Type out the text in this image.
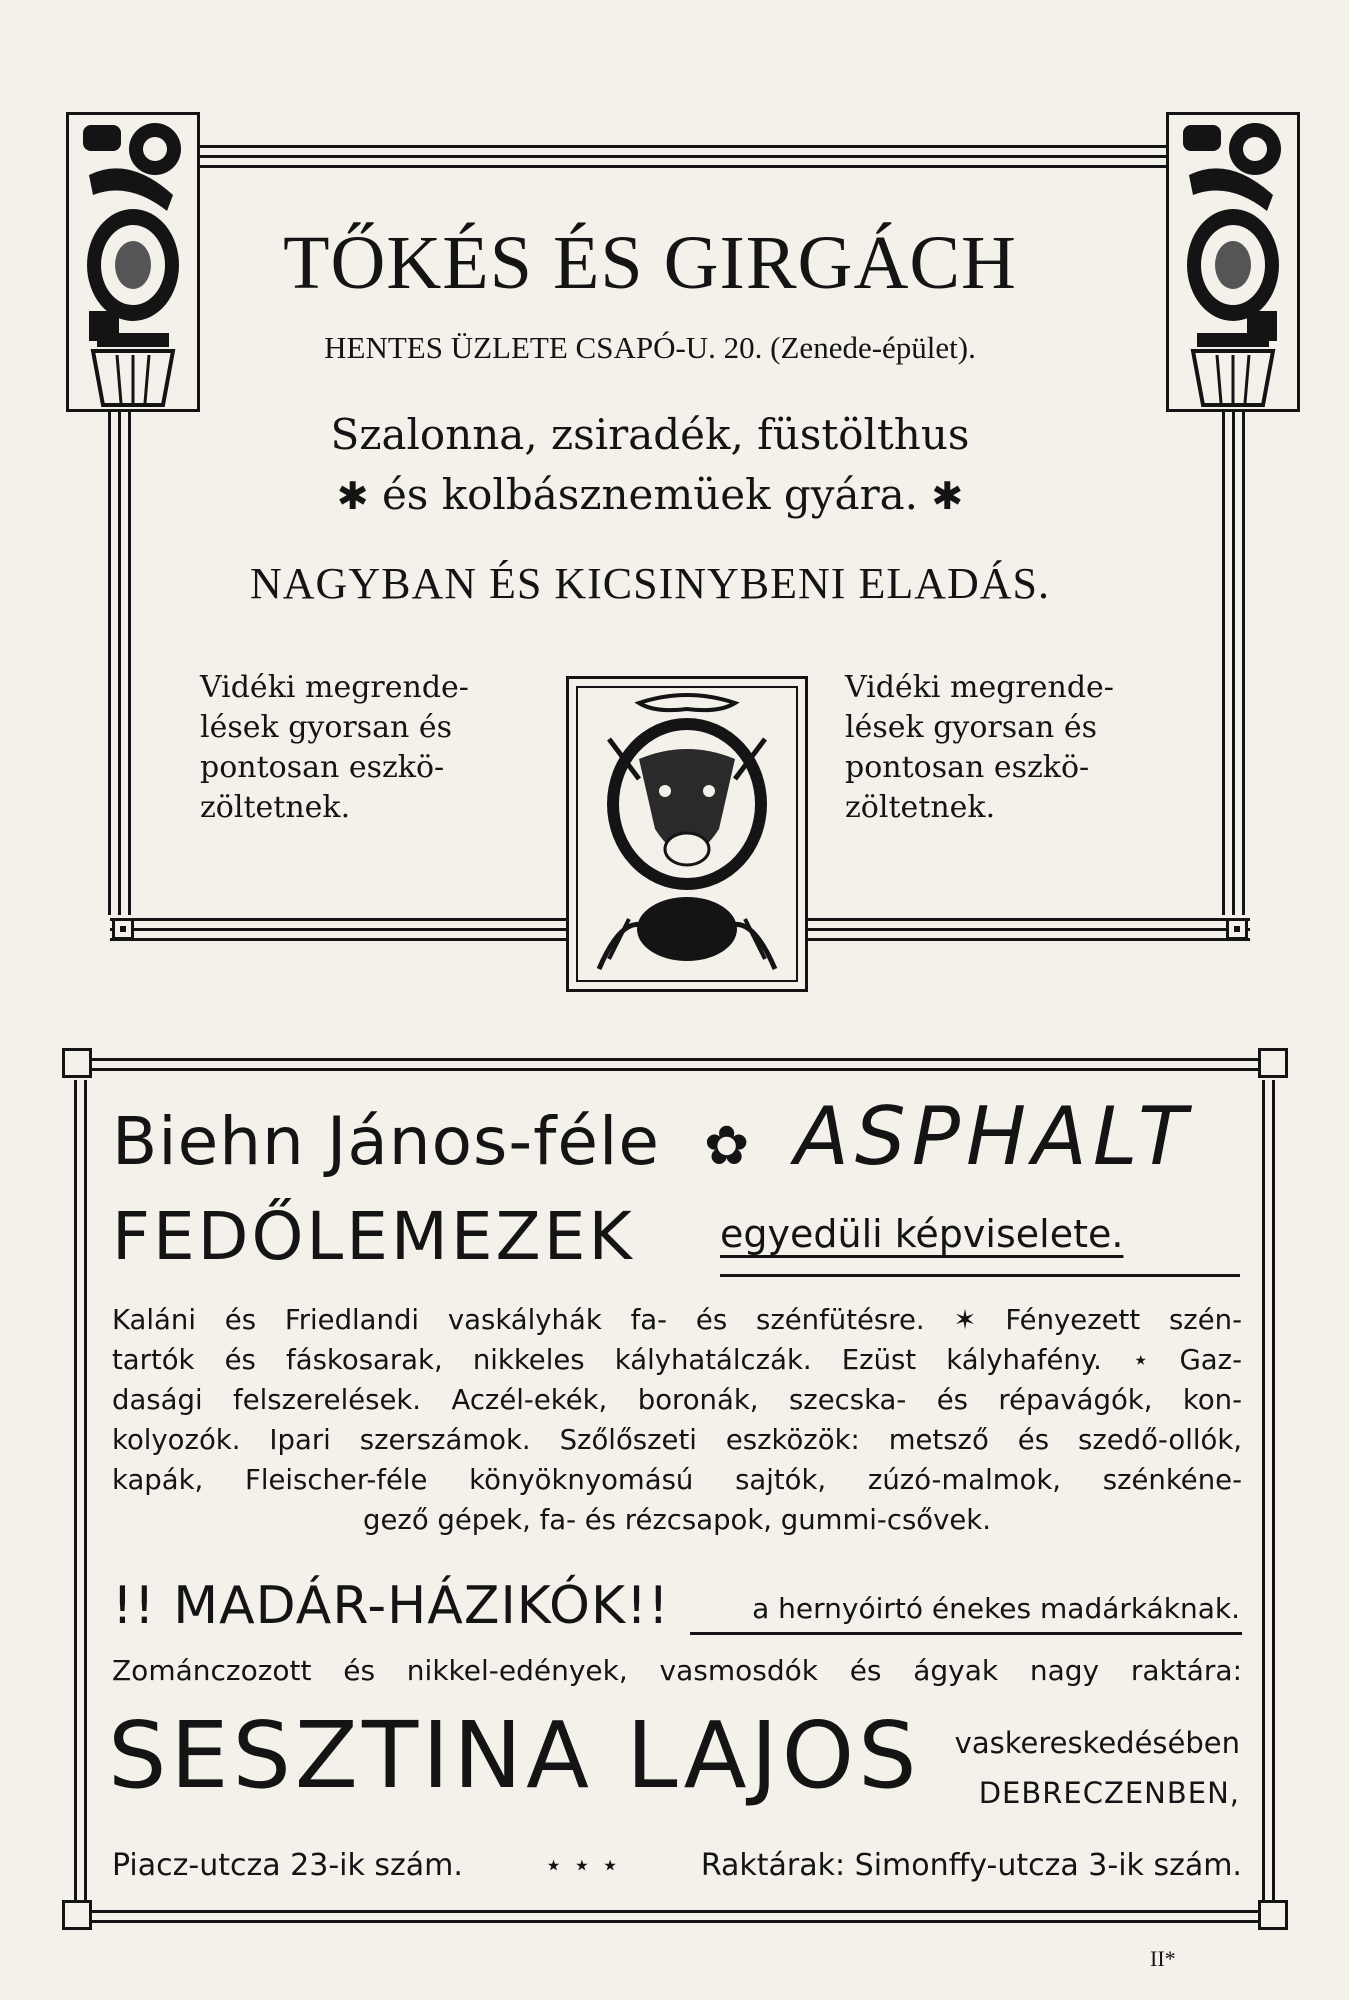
TŐKÉS ÉS GIRGÁCH
HENTES ÜZLETE CSAPÓ-U. 20. (Zenede-épület).
Szalonna, zsiradék, füstölthus
✱ és kolbásznemüek gyára. ✱
NAGYBAN ÉS KICSINYBENI ELADÁS.
Vidéki megrende-
lések gyorsan és
pontosan eszkö-
zöltetnek.
Vidéki megrende-
lések gyorsan és
pontosan eszkö-
zöltetnek.
Biehn János-féle ✿ ASPHALT
FEDŐLEMEZEK egyedüli képviselete.
Kaláni és Friedlandi vaskályhák fa- és szénfütésre. ✶ Fényezett szén-
tartók és fáskosarak, nikkeles kályhatálczák. Ezüst kályhafény. ⋆ Gaz-
dasági felszerelések. Aczél-ekék, boronák, szecska- és répavágók, kon-
kolyozók. Ipari szerszámok. Szőlőszeti eszközök: metsző és szedő-ollók,
kapák, Fleischer-féle könyöknyomású sajtók, zúzó-malmok, szénkéne-
gező gépek, fa- és rézcsapok, gummi-csővek.
!! MADÁR-HÁZIKÓK!!	a hernyóirtó énekes madárkáknak.
Zománczozott és nikkel-edények, vasmosdók és ágyak nagy raktára:
SESZTINA LAJOS	vaskereskedésében
DEBRECZENBEN,
Piacz-utcza 23-ik szám.	⋆ ⋆ ⋆	Raktárak: Simonffy-utcza 3-ik szám.
II*
